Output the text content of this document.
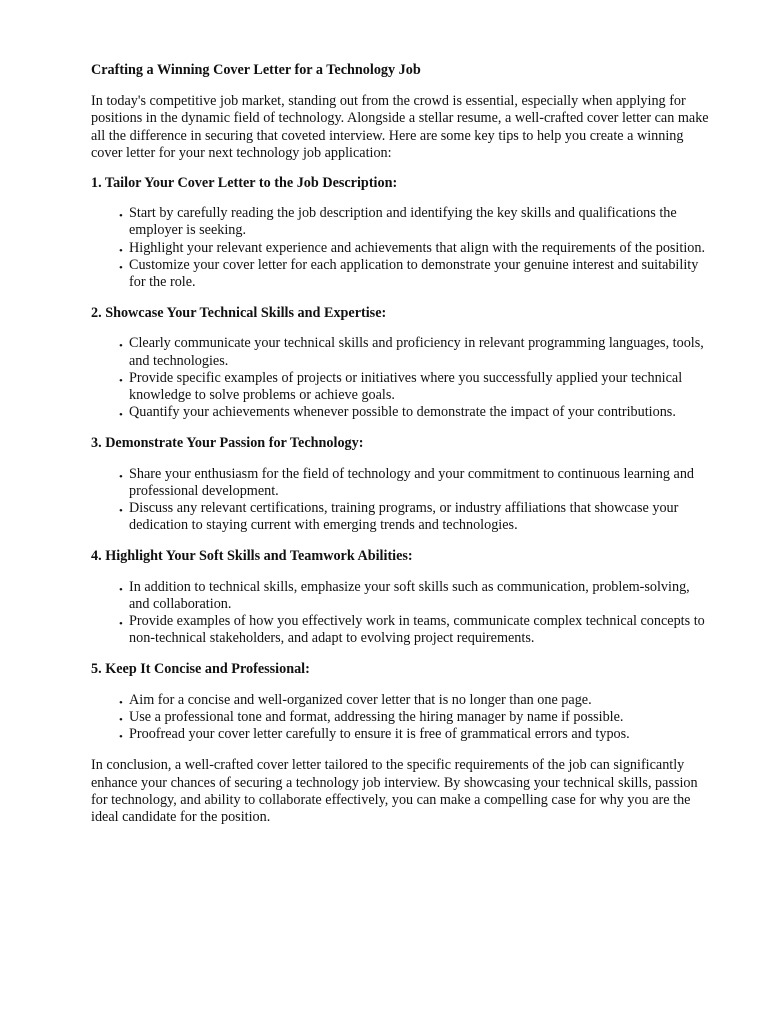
Crafting a Winning Cover Letter for a Technology Job

In today's competitive job market, standing out from the crowd is essential, especially when applying for positions in the dynamic field of technology. Alongside a stellar resume, a well-crafted cover letter can make all the difference in securing that coveted interview. Here are some key tips to help you create a winning cover letter for your next technology job application:

1. Tailor Your Cover Letter to the Job Description:
• Start by carefully reading the job description and identifying the key skills and qualifications the employer is seeking.
• Highlight your relevant experience and achievements that align with the requirements of the position.
• Customize your cover letter for each application to demonstrate your genuine interest and suitability for the role.
2. Showcase Your Technical Skills and Expertise:
• Clearly communicate your technical skills and proficiency in relevant programming languages, tools, and technologies.
• Provide specific examples of projects or initiatives where you successfully applied your technical knowledge to solve problems or achieve goals.
• Quantify your achievements whenever possible to demonstrate the impact of your contributions.
3. Demonstrate Your Passion for Technology:
• Share your enthusiasm for the field of technology and your commitment to continuous learning and professional development.
• Discuss any relevant certifications, training programs, or industry affiliations that showcase your dedication to staying current with emerging trends and technologies.
4. Highlight Your Soft Skills and Teamwork Abilities:
• In addition to technical skills, emphasize your soft skills such as communication, problem-solving, and collaboration.
• Provide examples of how you effectively work in teams, communicate complex technical concepts to non-technical stakeholders, and adapt to evolving project requirements.
5. Keep It Concise and Professional:
• Aim for a concise and well-organized cover letter that is no longer than one page.
• Use a professional tone and format, addressing the hiring manager by name if possible.
• Proofread your cover letter carefully to ensure it is free of grammatical errors and typos.

In conclusion, a well-crafted cover letter tailored to the specific requirements of the job can significantly enhance your chances of securing a technology job interview. By showcasing your technical skills, passion for technology, and ability to collaborate effectively, you can make a compelling case for why you are the ideal candidate for the position.
